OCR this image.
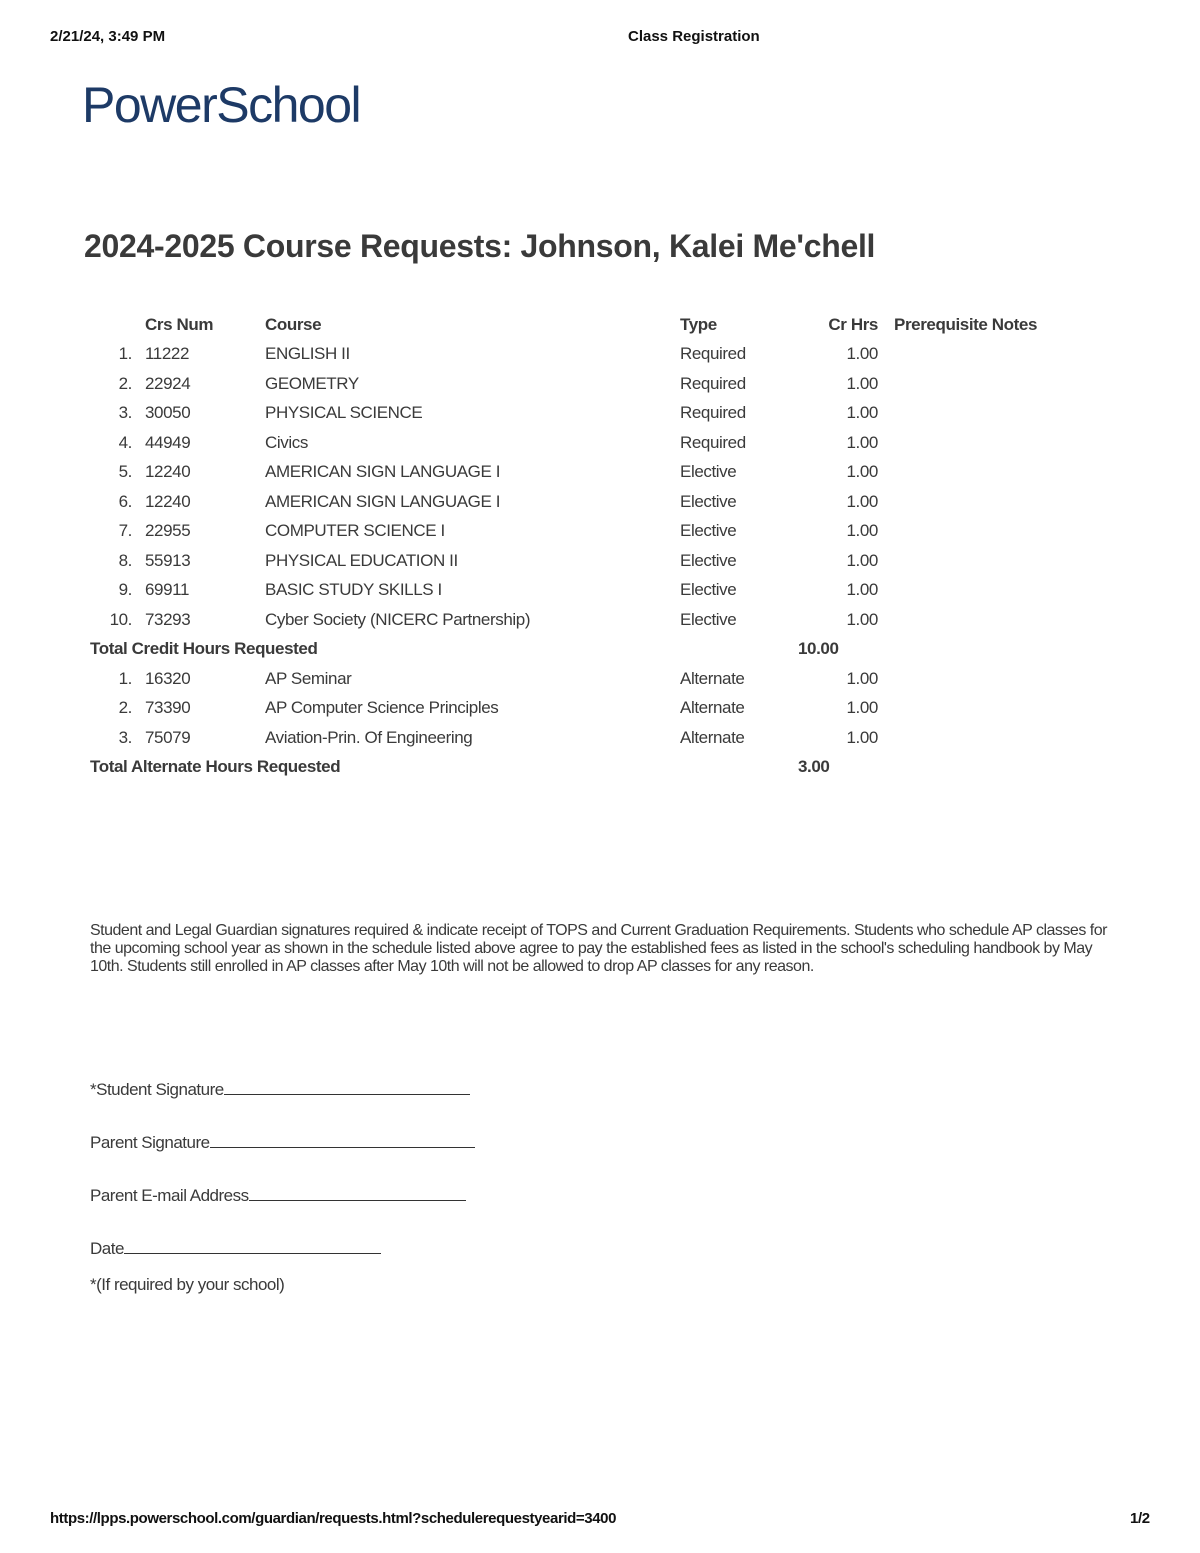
2/21/24, 3:49 PM	Class Registration
PowerSchool
2024-2025 Course Requests: Johnson, Kalei Me'chell
	Crs Num	Course	Type	Cr Hrs	Prerequisite Notes
1.	11222	ENGLISH II	Required	1.00	
2.	22924	GEOMETRY	Required	1.00	
3.	30050	PHYSICAL SCIENCE	Required	1.00	
4.	44949	Civics	Required	1.00	
5.	12240	AMERICAN SIGN LANGUAGE I	Elective	1.00	
6.	12240	AMERICAN SIGN LANGUAGE I	Elective	1.00	
7.	22955	COMPUTER SCIENCE I	Elective	1.00	
8.	55913	PHYSICAL EDUCATION II	Elective	1.00	
9.	69911	BASIC STUDY SKILLS I	Elective	1.00	
10.	73293	Cyber Society (NICERC Partnership)	Elective	1.00	
Total Credit Hours Requested				10.00	
1.	16320	AP Seminar	Alternate	1.00	
2.	73390	AP Computer Science Principles	Alternate	1.00	
3.	75079	Aviation-Prin. Of Engineering	Alternate	1.00	
Total Alternate Hours Requested				3.00	

Student and Legal Guardian signatures required & indicate receipt of TOPS and Current Graduation Requirements. Students who schedule AP classes for the upcoming school year as shown in the schedule listed above agree to pay the established fees as listed in the school's scheduling handbook by May 10th. Students still enrolled in AP classes after May 10th will not be allowed to drop AP classes for any reason.

*Student Signature
Parent Signature
Parent E-mail Address
Date
*(If required by your school)
https://lpps.powerschool.com/guardian/requests.html?schedulerequestyearid=3400	1/2
